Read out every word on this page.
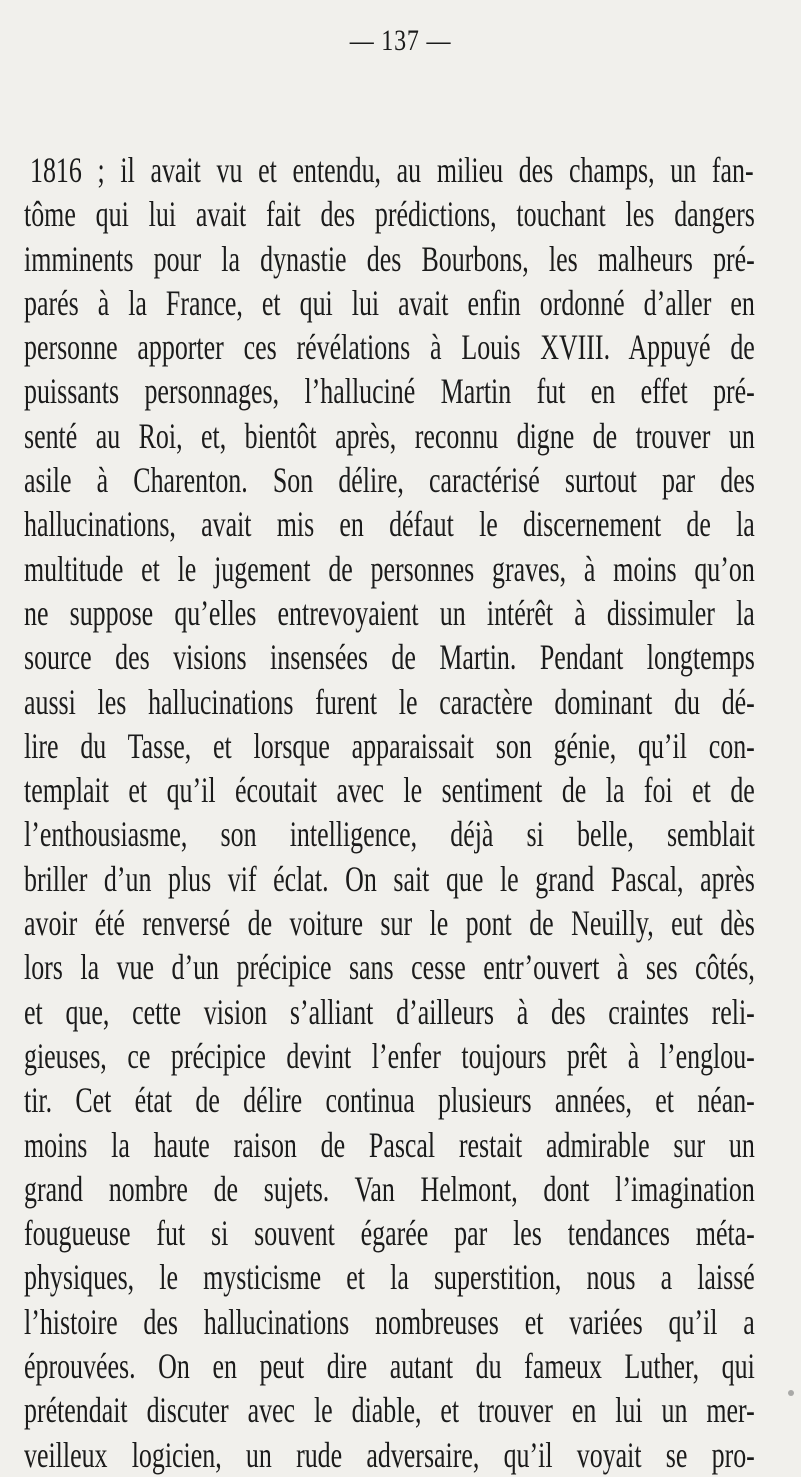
— 137 —
1816 ; il avait vu et entendu, au milieu des champs, un fan-
tôme qui lui avait fait des prédictions, touchant les dangers
imminents pour la dynastie des Bourbons, les malheurs pré-
parés à la France, et qui lui avait enfin ordonné d’aller en
personne apporter ces révélations à Louis XVIII. Appuyé de
puissants personnages, l’halluciné Martin fut en effet pré-
senté au Roi, et, bientôt après, reconnu digne de trouver un
asile à Charenton. Son délire, caractérisé surtout par des
hallucinations, avait mis en défaut le discernement de la
multitude et le jugement de personnes graves, à moins qu’on
ne suppose qu’elles entrevoyaient un intérêt à dissimuler la
source des visions insensées de Martin. Pendant longtemps
aussi les hallucinations furent le caractère dominant du dé-
lire du Tasse, et lorsque apparaissait son génie, qu’il con-
templait et qu’il écoutait avec le sentiment de la foi et de
l’enthousiasme, son intelligence, déjà si belle, semblait
briller d’un plus vif éclat. On sait que le grand Pascal, après
avoir été renversé de voiture sur le pont de Neuilly, eut dès
lors la vue d’un précipice sans cesse entr’ouvert à ses côtés,
et que, cette vision s’alliant d’ailleurs à des craintes reli-
gieuses, ce précipice devint l’enfer toujours prêt à l’englou-
tir. Cet état de délire continua plusieurs années, et néan-
moins la haute raison de Pascal restait admirable sur un
grand nombre de sujets. Van Helmont, dont l’imagination
fougueuse fut si souvent égarée par les tendances méta-
physiques, le mysticisme et la superstition, nous a laissé
l’histoire des hallucinations nombreuses et variées qu’il a
éprouvées. On en peut dire autant du fameux Luther, qui
prétendait discuter avec le diable, et trouver en lui un mer-
veilleux logicien, un rude adversaire, qu’il voyait se pro-
